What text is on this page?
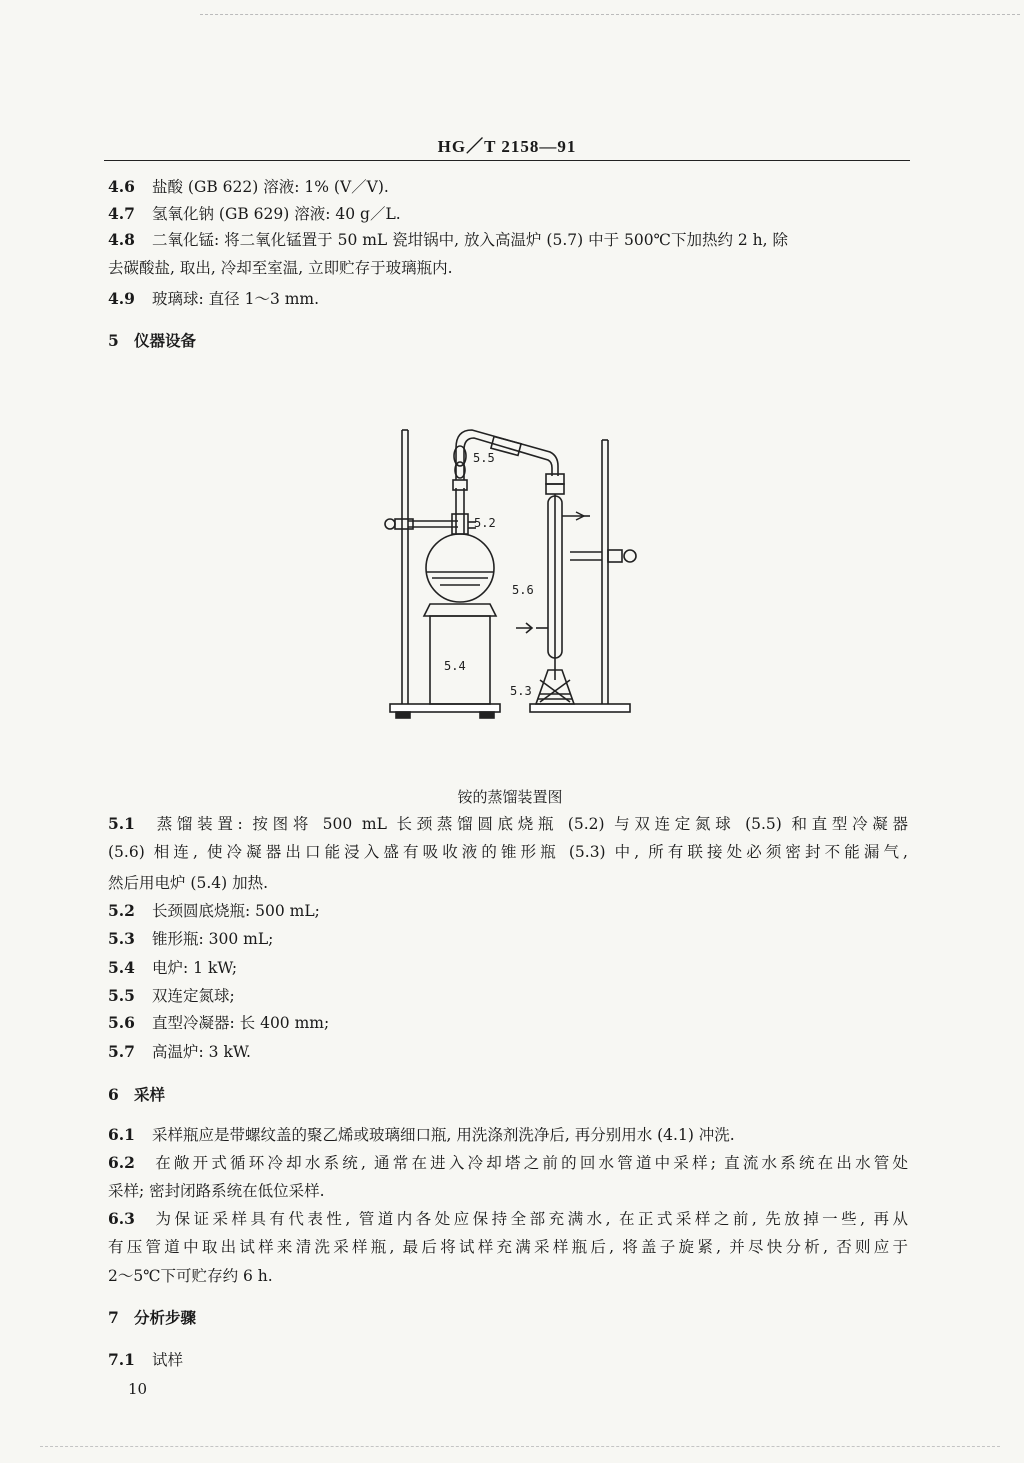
HG／T 2158—91
4.6 盐酸 (GB 622) 溶液: 1% (V／V).
4.7 氢氧化钠 (GB 629) 溶液: 40 g／L.
4.8 二氧化锰: 将二氧化锰置于 50 mL 瓷坩锅中, 放入高温炉 (5.7) 中于 500℃下加热约 2 h, 除
去碳酸盐, 取出, 冷却至室温, 立即贮存于玻璃瓶内.
4.9 玻璃球: 直径 1～3 mm.
5 仪器设备
5.5
5.2
5.6
5.4
5.3
铵的蒸馏装置图
5.1 蒸馏装置: 按图将 500 mL 长颈蒸馏圆底烧瓶 (5.2) 与双连定氮球 (5.5) 和直型冷凝器
(5.6) 相连, 使冷凝器出口能浸入盛有吸收液的锥形瓶 (5.3) 中, 所有联接处必须密封不能漏气,
然后用电炉 (5.4) 加热.
5.2 长颈圆底烧瓶: 500 mL;
5.3 锥形瓶: 300 mL;
5.4 电炉: 1 kW;
5.5 双连定氮球;
5.6 直型冷凝器: 长 400 mm;
5.7 高温炉: 3 kW.
6 采样
6.1 采样瓶应是带螺纹盖的聚乙烯或玻璃细口瓶, 用洗涤剂洗净后, 再分别用水 (4.1) 冲洗.
6.2 在敞开式循环冷却水系统, 通常在进入冷却塔之前的回水管道中采样; 直流水系统在出水管处
采样; 密封闭路系统在低位采样.
6.3 为保证采样具有代表性, 管道内各处应保持全部充满水, 在正式采样之前, 先放掉一些, 再从
有压管道中取出试样来清洗采样瓶, 最后将试样充满采样瓶后, 将盖子旋紧, 并尽快分析, 否则应于
2～5℃下可贮存约 6 h.
7 分析步骤
7.1 试样
10
